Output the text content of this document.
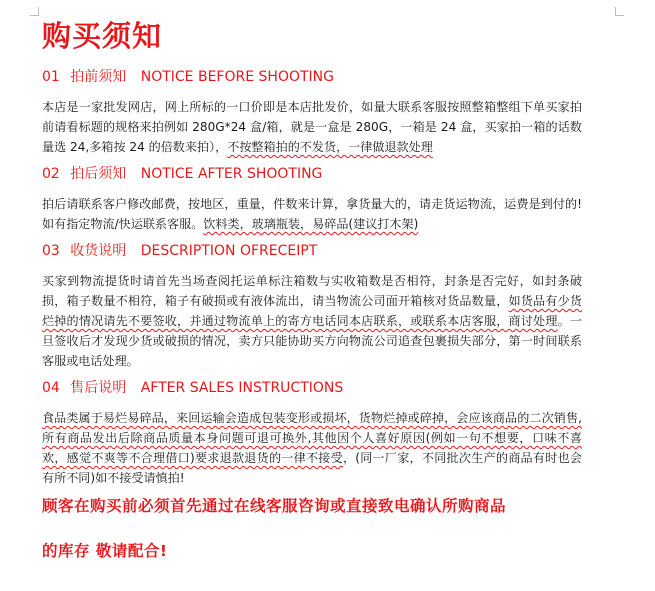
购买须知
01 拍前须知 NOTICE BEFORE SHOOTING
本店是一家批发网店，网上所标的一口价即是本店批发价，如量大联系客服按照整箱整组下单买家拍前请看标题的规格来拍例如 280G*24 盒/箱，就是一盒是 280G，一箱是 24 盒，买家拍一箱的话数量选 24,多箱按 24 的倍数来拍），不按整箱拍的不发货，一律做退款处理
02 拍后须知 NOTICE AFTER SHOOTING
拍后请联系客户修改邮费，按地区，重量，件数来计算，拿货量大的，请走货运物流，运费是到付的!如有指定物流/快运联系客服。饮料类，玻璃瓶装，易碎品(建议打木架)
03 收货说明 DESCRIPTION OFRECEIPT
买家到物流提货时请首先当场查阅托运单标注箱数与实收箱数是否相符，封条是否完好，如封条破损，箱子数量不相符，箱子有破损或有液体流出，请当物流公司面开箱核对货品数量，如货品有少货烂掉的情况请先不要签收，并通过物流单上的寄方电话同本店联系，或联系本店客服，商讨处理。一旦签收后才发现少货或破损的情况，卖方只能协助买方向物流公司追查包裹损失部分，第一时间联系客服或电话处理。
04 售后说明 AFTER SALES INSTRUCTIONS
食品类属于易烂易碎品，来回运输会造成包装变形或损坏，货物烂掉或碎掉，会应该商品的二次销售,所有商品发出后除商品质量本身问题可退可换外,其他因个人喜好原因(例如一句不想要，口味不喜欢，感觉不爽等不合理借口)要求退款退货的一律不接受，(同一厂家，不同批次生产的商品有时也会有所不同)如不接受请慎拍!
顾客在购买前必须首先通过在线客服咨询或直接致电确认所购商品
的库存 敬请配合!
